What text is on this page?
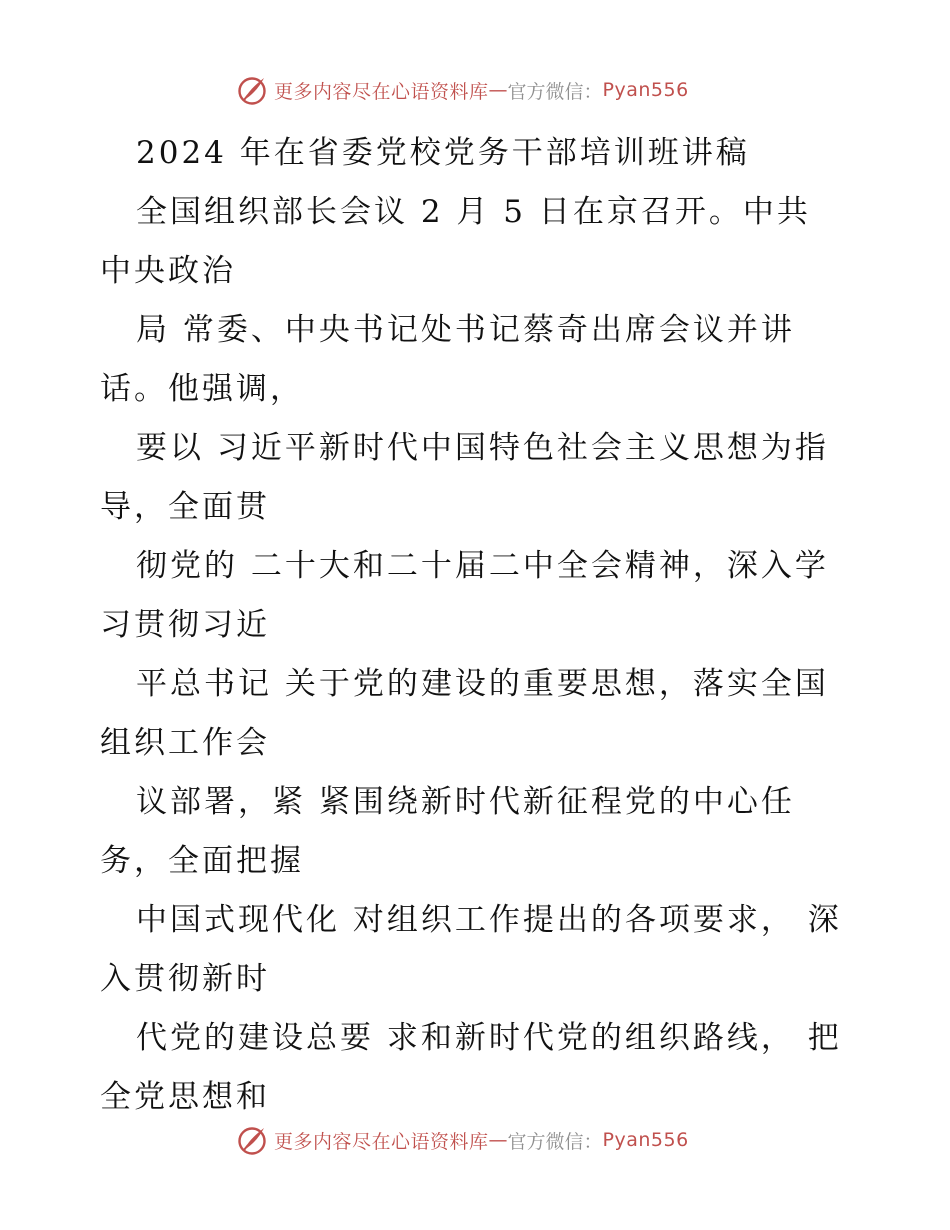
更多内容尽在心语资料库 — 官方微信： Pyan556
2024 年在省委党校党务干部培训班讲稿
全国组织部长会议 2 月 5 日在京召开。中共
中央政治
局 常委、中央书记处书记蔡奇出席会议并讲
话。他强调，
要以 习近平新时代中国特色社会主义思想为指
导，全面贯
彻党的 二十大和二十届二中全会精神，深入学
习贯彻习近
平总书记 关于党的建设的重要思想，落实全国
组织工作会
议部署，紧 紧围绕新时代新征程党的中心任
务，全面把握
中国式现代化 对组织工作提出的各项要求， 深
入贯彻新时
代党的建设总要 求和新时代党的组织路线， 把
全党思想和
更多内容尽在心语资料库 — 官方微信： Pyan556
